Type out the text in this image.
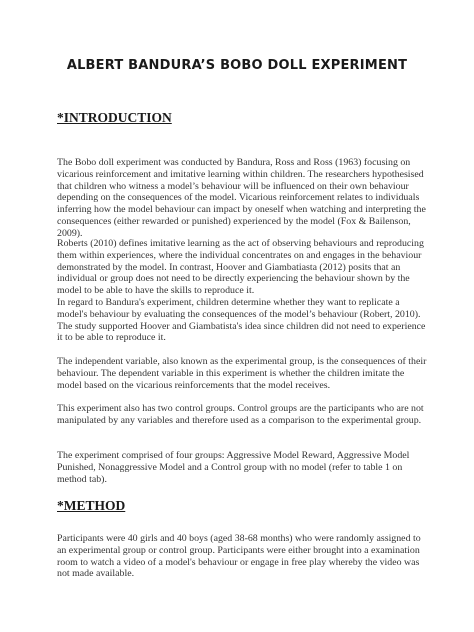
ALBERT BANDURA’S BOBO DOLL EXPERIMENT
*INTRODUCTION

The Bobo doll experiment was conducted by Bandura, Ross and Ross (1963) focusing on vicarious reinforcement and imitative learning within children. The researchers hypothesised that children who witness a model’s behaviour will be influenced on their own behaviour depending on the consequences of the model. Vicarious reinforcement relates to individuals inferring how the model behaviour can impact by oneself when watching and interpreting the consequences (either rewarded or punished) experienced by the model (Fox & Bailenson, 2009).

Roberts (2010) defines imitative learning as the act of observing behaviours and reproducing them within experiences, where the individual concentrates on and engages in the behaviour demonstrated by the model. In contrast, Hoover and Giambatiasta (2012) posits that an individual or group does not need to be directly experiencing the behaviour shown by the model to be able to have the skills to reproduce it.

In regard to Bandura's experiment, children determine whether they want to replicate a model's behaviour by evaluating the consequences of the model’s behaviour (Robert, 2010). The study supported Hoover and Giambatista's idea since children did not need to experience it to be able to reproduce it.

The independent variable, also known as the experimental group, is the consequences of their behaviour. The dependent variable in this experiment is whether the children imitate the model based on the vicarious reinforcements that the model receives.

This experiment also has two control groups. Control groups are the participants who are not manipulated by any variables and therefore used as a comparison to the experimental group.

The experiment comprised of four groups: Aggressive Model Reward, Aggressive Model Punished, Nonaggressive Model and a Control group with no model (refer to table 1 on method tab).

*METHOD

Participants were 40 girls and 40 boys (aged 38-68 months) who were randomly assigned to an experimental group or control group. Participants were either brought into a examination room to watch a video of a model's behaviour or engage in free play whereby the video was not made available.
